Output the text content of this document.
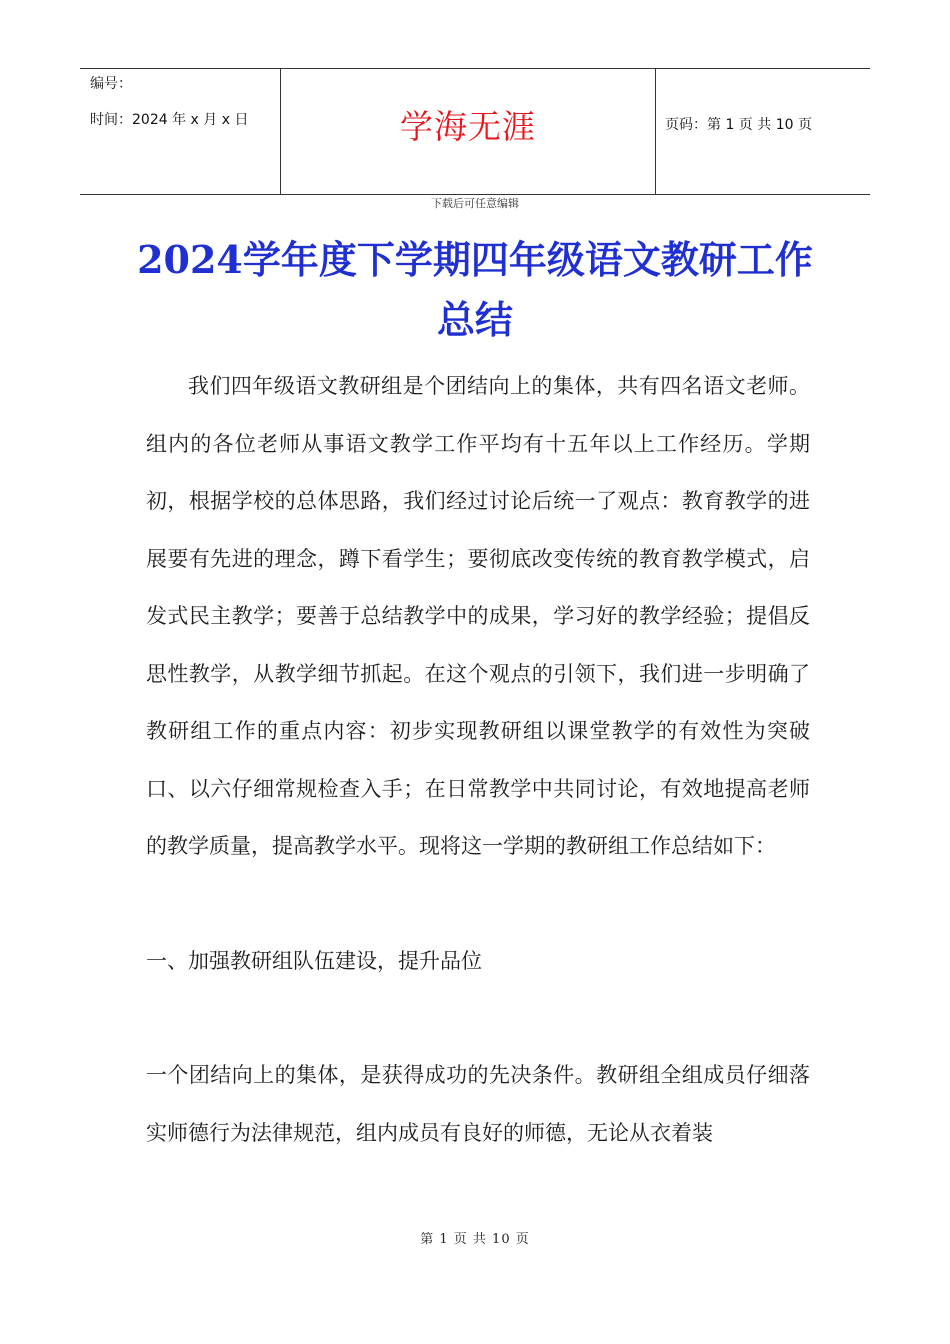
编号：
时间：2024 年 x 月 x 日	学海无涯	页码：第 1 页 共 10 页
下载后可任意编辑
2024学年度下学期四年级语文教研工作总结

我们四年级语文教研组是个团结向上的集体，共有四名语文老师。组内的各位老师从事语文教学工作平均有十五年以上工作经历。学期初，根据学校的总体思路，我们经过讨论后统一了观点：教育教学的进展要有先进的理念，蹲下看学生；要彻底改变传统的教育教学模式，启发式民主教学；要善于总结教学中的成果，学习好的教学经验；提倡反思性教学，从教学细节抓起。在这个观点的引领下，我们进一步明确了教研组工作的重点内容：初步实现教研组以课堂教学的有效性为突破口、以六仔细常规检查入手；在日常教学中共同讨论，有效地提高老师的教学质量，提高教学水平。现将这一学期的教研组工作总结如下：

一、加强教研组队伍建设，提升品位

一个团结向上的集体，是获得成功的先决条件。教研组全组成员仔细落实师德行为法律规范，组内成员有良好的师德，无论从衣着装

第 1 页 共 10 页
